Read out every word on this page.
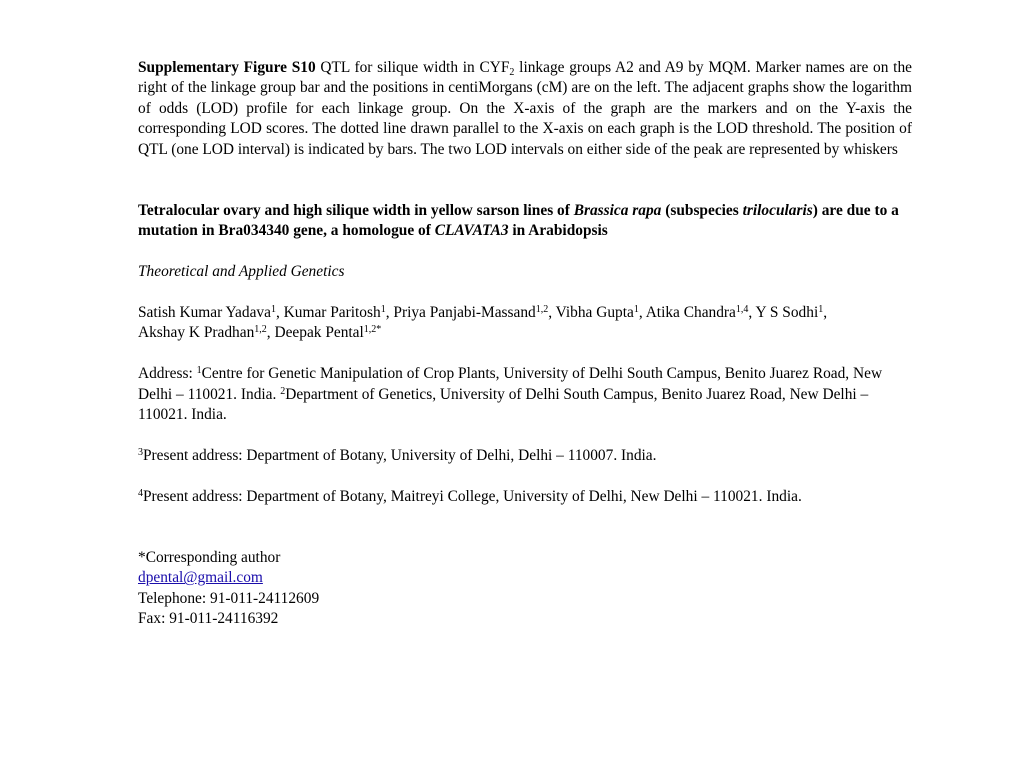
Supplementary Figure S10 QTL for silique width in $CYF_2$ linkage groups A2 and A9 by MQM. Marker names are on the right of the linkage group bar and the positions in centiMorgans (cM) are on the left. The adjacent graphs show the logarithm of odds (LOD) profile for each linkage group. On the X-axis of the graph are the markers and on the Y-axis the corresponding LOD scores. The dotted line drawn parallel to the X-axis on each graph is the LOD threshold. The position of QTL (one LOD interval) is indicated by bars. The two LOD intervals on either side of the peak are represented by whiskers

Tetralocular ovary and high silique width in yellow sarson lines of Brassica rapa (subspecies trilocularis) are due to a mutation in Bra034340 gene, a homologue of CLAVATA3 in Arabidopsis

Theoretical and Applied Genetics

Satish Kumar Yadava$^1$, Kumar Paritosh$^1$, Priya Panjabi-Massand$^{1,2}$, Vibha Gupta$^1$, Atika Chandra$^{1,4}$, Y S Sodhi$^1$,
Akshay K Pradhan$^{1,2}$, Deepak Pental$^{1,2*}$

Address: $^1$Centre for Genetic Manipulation of Crop Plants, University of Delhi South Campus, Benito Juarez Road, New Delhi – 110021. India. $^2$Department of Genetics, University of Delhi South Campus, Benito Juarez Road, New Delhi – 110021. India.

$^3$Present address: Department of Botany, University of Delhi, Delhi – 110007. India.

$^4$Present address: Department of Botany, Maitreyi College, University of Delhi, New Delhi – 110021. India.

*Corresponding author

dpental@gmail.com

Telephone: 91-011-24112609

Fax: 91-011-24116392
